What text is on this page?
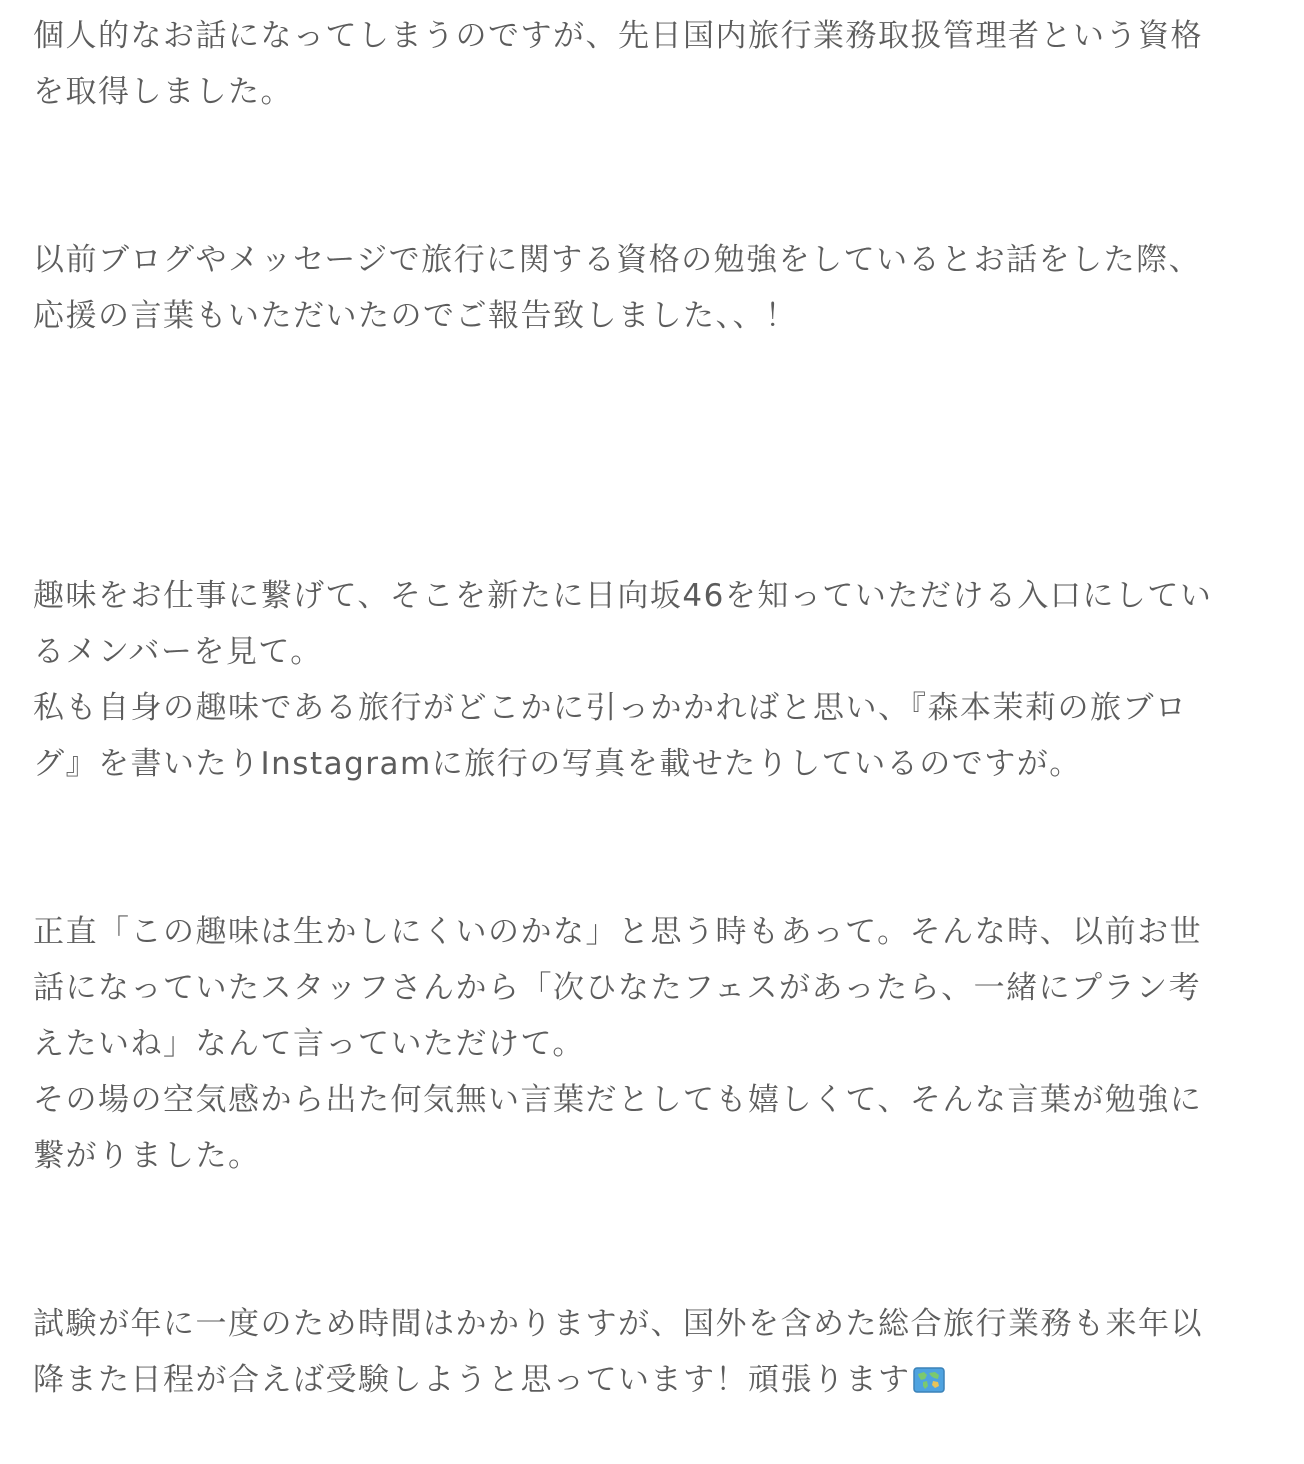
個人的なお話になってしまうのですが、先日国内旅行業務取扱管理者という資格
を取得しました。
以前ブログやメッセージで旅行に関する資格の勉強をしているとお話をした際、
応援の言葉もいただいたのでご報告致しました、、！
趣味をお仕事に繋げて、そこを新たに日向坂46を知っていただける入口にしてい
るメンバーを見て。
私も自身の趣味である旅行がどこかに引っかかればと思い、『森本茉莉の旅ブロ
グ』を書いたりInstagramに旅行の写真を載せたりしているのですが。
正直「この趣味は生かしにくいのかな」と思う時もあって。そんな時、以前お世
話になっていたスタッフさんから「次ひなたフェスがあったら、一緒にプラン考
えたいね」なんて言っていただけて。
その場の空気感から出た何気無い言葉だとしても嬉しくて、そんな言葉が勉強に
繋がりました。
試験が年に一度のため時間はかかりますが、国外を含めた総合旅行業務も来年以
降また日程が合えば受験しようと思っています！頑張ります
